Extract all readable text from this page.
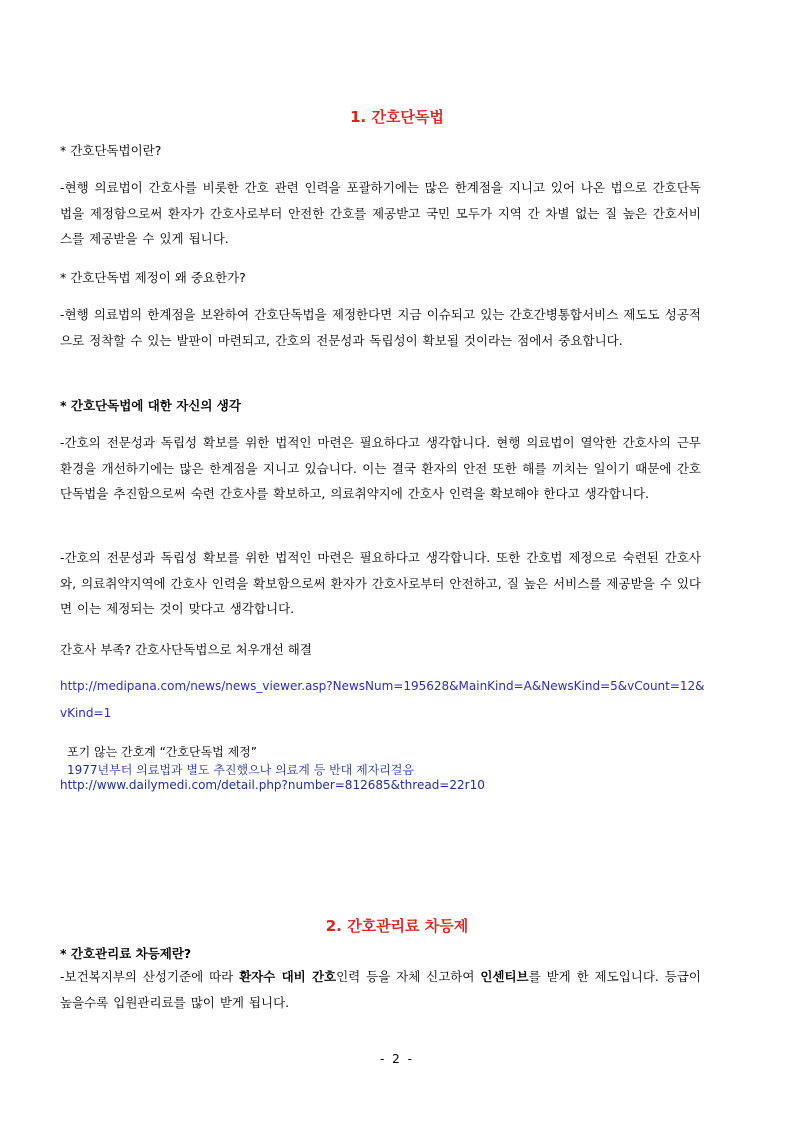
1. 간호단독법
* 간호단독법이란?
-현행 의료법이 간호사를 비롯한 간호 관련 인력을 포괄하기에는 많은 한계점을 지니고 있어 나온 법으로 간호단독법을 제정함으로써 환자가 간호사로부터 안전한 간호를 제공받고 국민 모두가 지역 간 차별 없는 질 높은 간호서비스를 제공받을 수 있게 됩니다.
* 간호단독법 제정이 왜 중요한가?
-현행 의료법의 한계점을 보완하여 간호단독법을 제정한다면 지금 이슈되고 있는 간호간병통합서비스 제도도 성공적으로 정착할 수 있는 발판이 마련되고, 간호의 전문성과 독립성이 확보될 것이라는 점에서 중요합니다.
* 간호단독법에 대한 자신의 생각
-간호의 전문성과 독립성 확보를 위한 법적인 마련은 필요하다고 생각합니다. 현행 의료법이 열악한 간호사의 근무 환경을 개선하기에는 많은 한계점을 지니고 있습니다. 이는 결국 환자의 안전 또한 해를 끼치는 일이기 때문에 간호단독법을 추진함으로써 숙련 간호사를 확보하고, 의료취약지에 간호사 인력을 확보해야 한다고 생각합니다.
-간호의 전문성과 독립성 확보를 위한 법적인 마련은 필요하다고 생각합니다. 또한 간호법 제정으로 숙련된 간호사와, 의료취약지역에 간호사 인력을 확보함으로써 환자가 간호사로부터 안전하고, 질 높은 서비스를 제공받을 수 있다면 이는 제정되는 것이 맞다고 생각합니다.
간호사 부족? 간호사단독법으로 처우개선 해결
http://medipana.com/news/news_viewer.asp?NewsNum=195628&MainKind=A&NewsKind=5&vCount=12&vKind=1
포기 않는 간호계 “간호단독법 제정”
1977년부터 의료법과 별도 추진했으나 의료계 등 반대 제자리걸음
http://www.dailymedi.com/detail.php?number=812685&thread=22r10
2. 간호관리료 차등제
* 간호관리료 차등제란?
-보건복지부의 산성기준에 따라 환자수 대비 간호인력 등을 자체 신고하여 인센티브를 받게 한 제도입니다. 등급이 높을수록 입원관리료를 많이 받게 됩니다.
- 2 -
